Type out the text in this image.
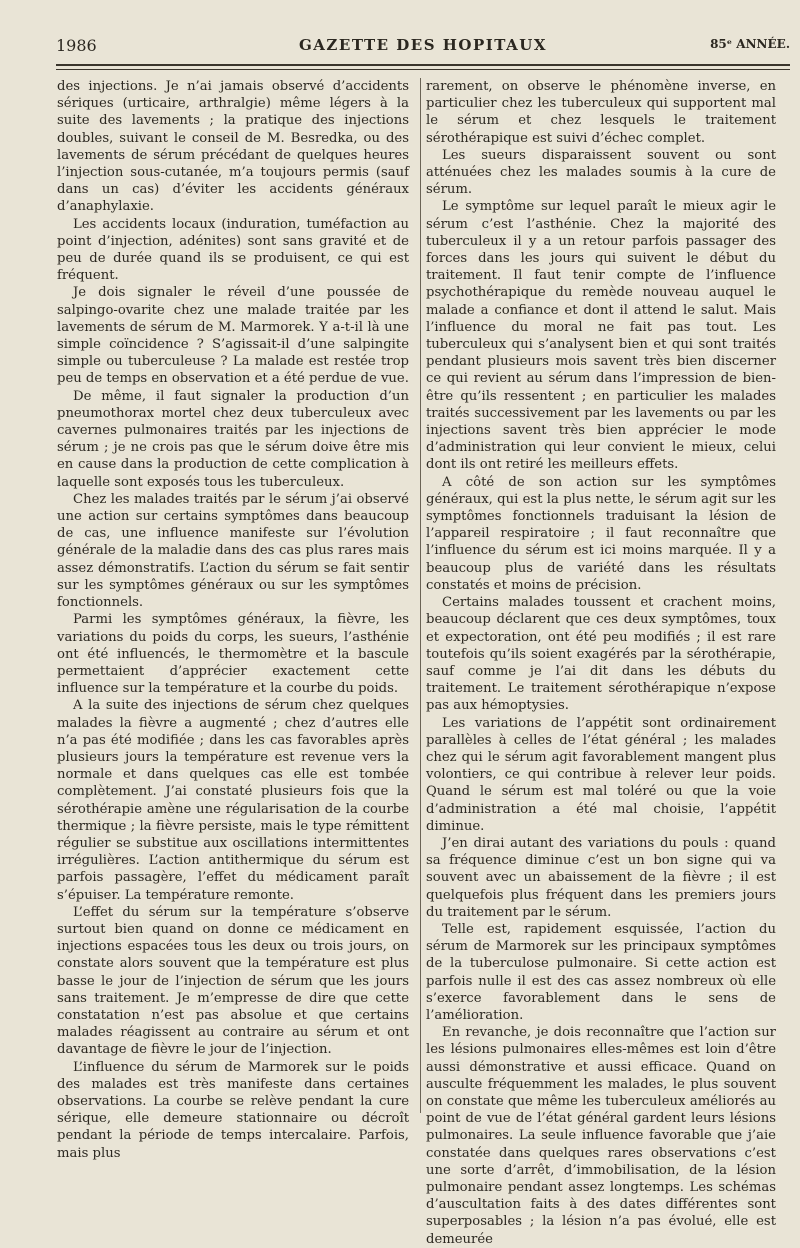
1986	GAZETTE DES HOPITAUX	85ᵉ ANNÉE.

des injections. Je n’ai jamais observé d’accidents sériques (urticaire, arthralgie) même légers à la suite des lavements ; la pratique des injections doubles, suivant le conseil de M. Besredka, ou des lavements de sérum précédant de quelques heures l’injection sous-cutanée, m’a toujours permis (sauf dans un cas) d’éviter les accidents généraux d’anaphylaxie.

Les accidents locaux (induration, tuméfaction au point d’injection, adénites) sont sans gravité et de peu de durée quand ils se produisent, ce qui est fréquent.

Je dois signaler le réveil d’une poussée de salpingo-ovarite chez une malade traitée par les lavements de sérum de M. Marmorek. Y a-t-il là une simple coïncidence ? S’agissait-il d’une salpingite simple ou tuberculeuse ? La malade est restée trop peu de temps en observation et a été perdue de vue.

De même, il faut signaler la production d’un pneumothorax mortel chez deux tuberculeux avec cavernes pulmonaires traités par les injections de sérum ; je ne crois pas que le sérum doive être mis en cause dans la production de cette complication à laquelle sont exposés tous les tuberculeux.

Chez les malades traités par le sérum j’ai observé une action sur certains symptômes dans beaucoup de cas, une influence manifeste sur l’évolution générale de la maladie dans des cas plus rares mais assez démonstratifs. L’action du sérum se fait sentir sur les symptômes généraux ou sur les symptômes fonctionnels.

Parmi les symptômes généraux, la fièvre, les variations du poids du corps, les sueurs, l’asthénie ont été influencés, le thermomètre et la bascule permettaient d’apprécier exactement cette influence sur la température et la courbe du poids.

A la suite des injections de sérum chez quelques malades la fièvre a augmenté ; chez d’autres elle n’a pas été modifiée ; dans les cas favorables après plusieurs jours la température est revenue vers la normale et dans quelques cas elle est tombée complètement. J’ai constaté plusieurs fois que la sérothérapie amène une régularisation de la courbe thermique ; la fièvre persiste, mais le type rémittent régulier se substitue aux oscillations intermittentes irrégulières. L’action antithermique du sérum est parfois passagère, l’effet du médicament paraît s’épuiser. La température remonte.

L’effet du sérum sur la température s’observe surtout bien quand on donne ce médicament en injections espacées tous les deux ou trois jours, on constate alors souvent que la température est plus basse le jour de l’injection de sérum que les jours sans traitement. Je m’empresse de dire que cette constatation n’est pas absolue et que certains malades réagissent au contraire au sérum et ont davantage de fièvre le jour de l’injection.

L’influence du sérum de Marmorek sur le poids des malades est très manifeste dans certaines observations. La courbe se relève pendant la cure sérique, elle demeure stationnaire ou décroît pendant la période de temps intercalaire. Parfois, mais plus

rarement, on observe le phénomène inverse, en particulier chez les tuberculeux qui supportent mal le sérum et chez lesquels le traitement sérothérapique est suivi d’échec complet.

Les sueurs disparaissent souvent ou sont atténuées chez les malades soumis à la cure de sérum.

Le symptôme sur lequel paraît le mieux agir le sérum c’est l’asthénie. Chez la majorité des tuberculeux il y a un retour parfois passager des forces dans les jours qui suivent le début du traitement. Il faut tenir compte de l’influence psychothérapique du remède nouveau auquel le malade a confiance et dont il attend le salut. Mais l’influence du moral ne fait pas tout. Les tuberculeux qui s’analysent bien et qui sont traités pendant plusieurs mois savent très bien discerner ce qui revient au sérum dans l’impression de bien-être qu’ils ressentent ; en particulier les malades traités successivement par les lavements ou par les injections savent très bien apprécier le mode d’administration qui leur convient le mieux, celui dont ils ont retiré les meilleurs effets.

A côté de son action sur les symptômes généraux, qui est la plus nette, le sérum agit sur les symptômes fonctionnels traduisant la lésion de l’appareil respiratoire ; il faut reconnaître que l’influence du sérum est ici moins marquée. Il y a beaucoup plus de variété dans les résultats constatés et moins de précision.

Certains malades toussent et crachent moins, beaucoup déclarent que ces deux symptômes, toux et expectoration, ont été peu modifiés ; il est rare toutefois qu’ils soient exagérés par la sérothérapie, sauf comme je l’ai dit dans les débuts du traitement. Le traitement sérothérapique n’expose pas aux hémoptysies.

Les variations de l’appétit sont ordinairement parallèles à celles de l’état général ; les malades chez qui le sérum agit favorablement mangent plus volontiers, ce qui contribue à relever leur poids. Quand le sérum est mal toléré ou que la voie d’administration a été mal choisie, l’appétit diminue.

J’en dirai autant des variations du pouls : quand sa fréquence diminue c’est un bon signe qui va souvent avec un abaissement de la fièvre ; il est quelquefois plus fréquent dans les premiers jours du traitement par le sérum.

Telle est, rapidement esquissée, l’action du sérum de Marmorek sur les principaux symptômes de la tuberculose pulmonaire. Si cette action est parfois nulle il est des cas assez nombreux où elle s’exerce favorablement dans le sens de l’amélioration.

En revanche, je dois reconnaître que l’action sur les lésions pulmonaires elles-mêmes est loin d’être aussi démonstrative et aussi efficace. Quand on ausculte fréquemment les malades, le plus souvent on constate que même les tuberculeux améliorés au point de vue de l’état général gardent leurs lésions pulmonaires. La seule influence favorable que j’aie constatée dans quelques rares observations c’est une sorte d’arrêt, d’immobilisation, de la lésion pulmonaire pendant assez longtemps. Les schémas d’auscultation faits à des dates différentes sont superposables ; la lésion n’a pas évolué, elle est demeurée
